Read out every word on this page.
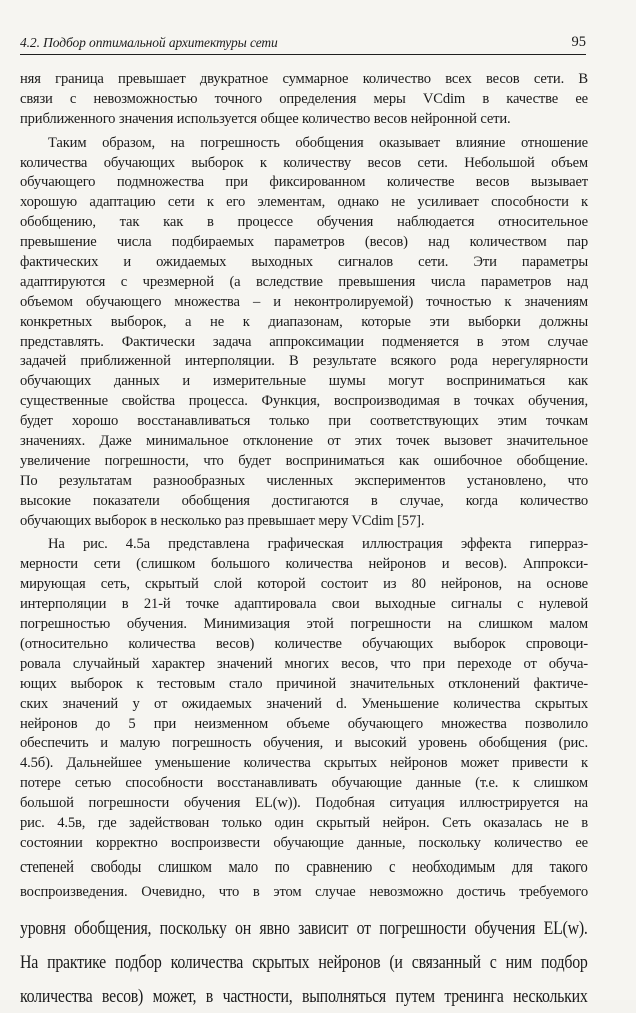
4.2. Подбор оптимальной архитектуры сети	95
няя граница превышает двукратное суммарное количество всех весов сети. В
связи с невозможностью точного определения меры VCdim в качестве ее
приближенного значения используется общее количество весов нейронной сети.
Таким образом, на погрешность обобщения оказывает влияние отношение
количества обучающих выборок к количеству весов сети. Небольшой объем
обучающего подмножества при фиксированном количестве весов вызывает
хорошую адаптацию сети к его элементам, однако не усиливает способности к
обобщению, так как в процессе обучения наблюдается относительное
превышение числа подбираемых параметров (весов) над количеством пар
фактических и ожидаемых выходных сигналов сети. Эти параметры
адаптируются с чрезмерной (а вследствие превышения числа параметров над
объемом обучающего множества – и неконтролируемой) точностью к значениям
конкретных выборок, а не к диапазонам, которые эти выборки должны
представлять. Фактически задача аппроксимации подменяется в этом случае
задачей приближенной интерполяции. В результате всякого рода нерегулярности
обучающих данных и измерительные шумы могут восприниматься как
существенные свойства процесса. Функция, воспроизводимая в точках обучения,
будет хорошо восстанавливаться только при соответствующих этим точкам
значениях. Даже минимальное отклонение от этих точек вызовет значительное
увеличение погрешности, что будет восприниматься как ошибочное обобщение.
По результатам разнообразных численных экспериментов установлено, что
высокие показатели обобщения достигаются в случае, когда количество
обучающих выборок в несколько раз превышает меру VCdim [57].
На рис. 4.5а представлена графическая иллюстрация эффекта гиперраз-
мерности сети (слишком большого количества нейронов и весов). Аппрокси-
мирующая сеть, скрытый слой которой состоит из 80 нейронов, на основе
интерполяции в 21-й точке адаптировала свои выходные сигналы с нулевой
погрешностью обучения. Минимизация этой погрешности на слишком малом
(относительно количества весов) количестве обучающих выборок спровоци-
ровала случайный характер значений многих весов, что при переходе от обуча-
ющих выборок к тестовым стало причиной значительных отклонений фактиче-
ских значений y от ожидаемых значений d. Уменьшение количества скрытых
нейронов до 5 при неизменном объеме обучающего множества позволило
обеспечить и малую погрешность обучения, и высокий уровень обобщения (рис.
4.5б). Дальнейшее уменьшение количества скрытых нейронов может привести к
потере сетью способности восстанавливать обучающие данные (т.е. к слишком
большой погрешности обучения EL(w)). Подобная ситуация иллюстрируется на
рис. 4.5в, где задействован только один скрытый нейрон. Сеть оказалась не в
состоянии корректно воспроизвести обучающие данные, поскольку количество ее
степеней свободы слишком мало по сравнению с необходимым для такого
воспроизведения. Очевидно, что в этом случае невозможно достичь требуемого
уровня обобщения, поскольку он явно зависит от погрешности обучения EL(w).
На практике подбор количества скрытых нейронов (и связанный с ним подбор
количества весов) может, в частности, выполняться путем тренинга нескольких
